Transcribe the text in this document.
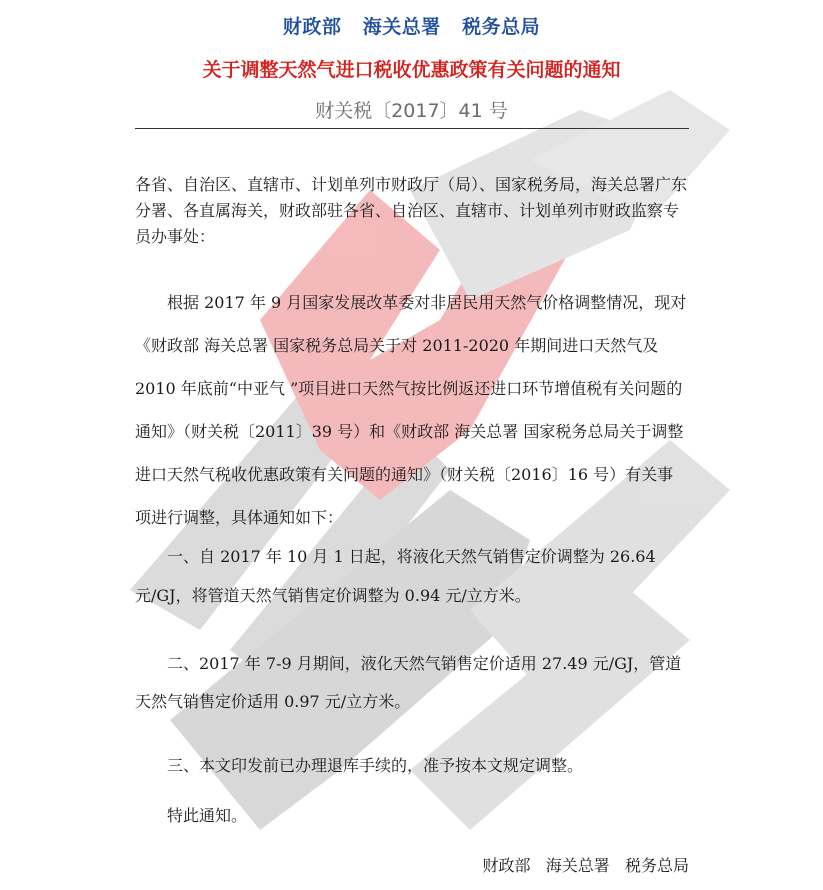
财政部   海关总署   税务总局
关于调整天然气进口税收优惠政策有关问题的通知
财关税〔2017〕41 号

各省、自治区、直辖市、计划单列市财政厅（局）、国家税务局，海关总署广东分署、各直属海关，财政部驻各省、自治区、直辖市、计划单列市财政监察专员办事处：

根据 2017 年 9 月国家发展改革委对非居民用天然气价格调整情况，现对《财政部 海关总署 国家税务总局关于对 2011-2020 年期间进口天然气及 2010 年底前“中亚气 ”项目进口天然气按比例返还进口环节增值税有关问题的通知》（财关税〔2011〕39 号）和《财政部 海关总署 国家税务总局关于调整进口天然气税收优惠政策有关问题的通知》（财关税〔2016〕16 号）有关事项进行调整，具体通知如下：

一、自 2017 年 10 月 1 日起，将液化天然气销售定价调整为 26.64 元/GJ，将管道天然气销售定价调整为 0.94 元/立方米。

二、2017 年 7-9 月期间，液化天然气销售定价适用 27.49 元/GJ，管道天然气销售定价适用 0.97 元/立方米。

三、本文印发前已办理退库手续的，准予按本文规定调整。

特此通知。

财政部   海关总署   税务总局
